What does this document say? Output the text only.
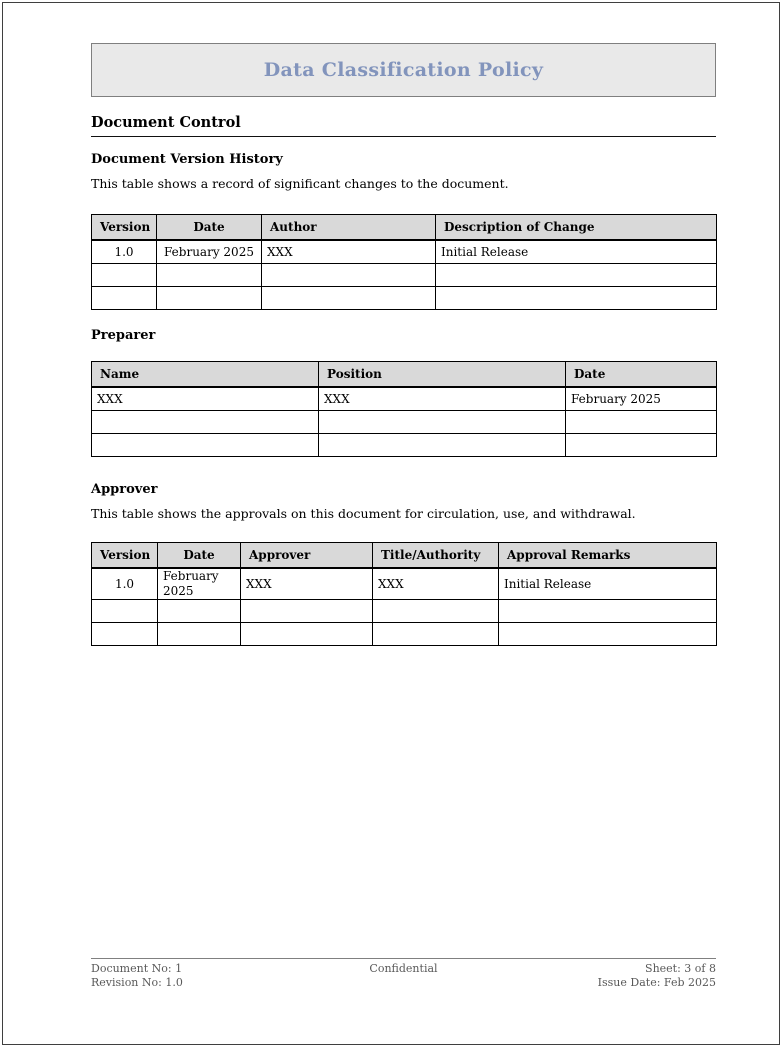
Data Classification Policy
Document Control
Document Version History

This table shows a record of significant changes to the document.

Version	Date	Author	Description of Change
1.0	February 2025	XXX	Initial Release

Preparer
Name	Position	Date
XXX	XXX	February 2025

Approver

This table shows the approvals on this document for circulation, use, and withdrawal.

Version	Date	Approver	Title/Authority	Approval Remarks
1.0	February 2025	XXX	XXX	Initial Release

Document No: 1
Revision No: 1.0
Confidential	Sheet: 3 of 8
Issue Date: Feb 2025
